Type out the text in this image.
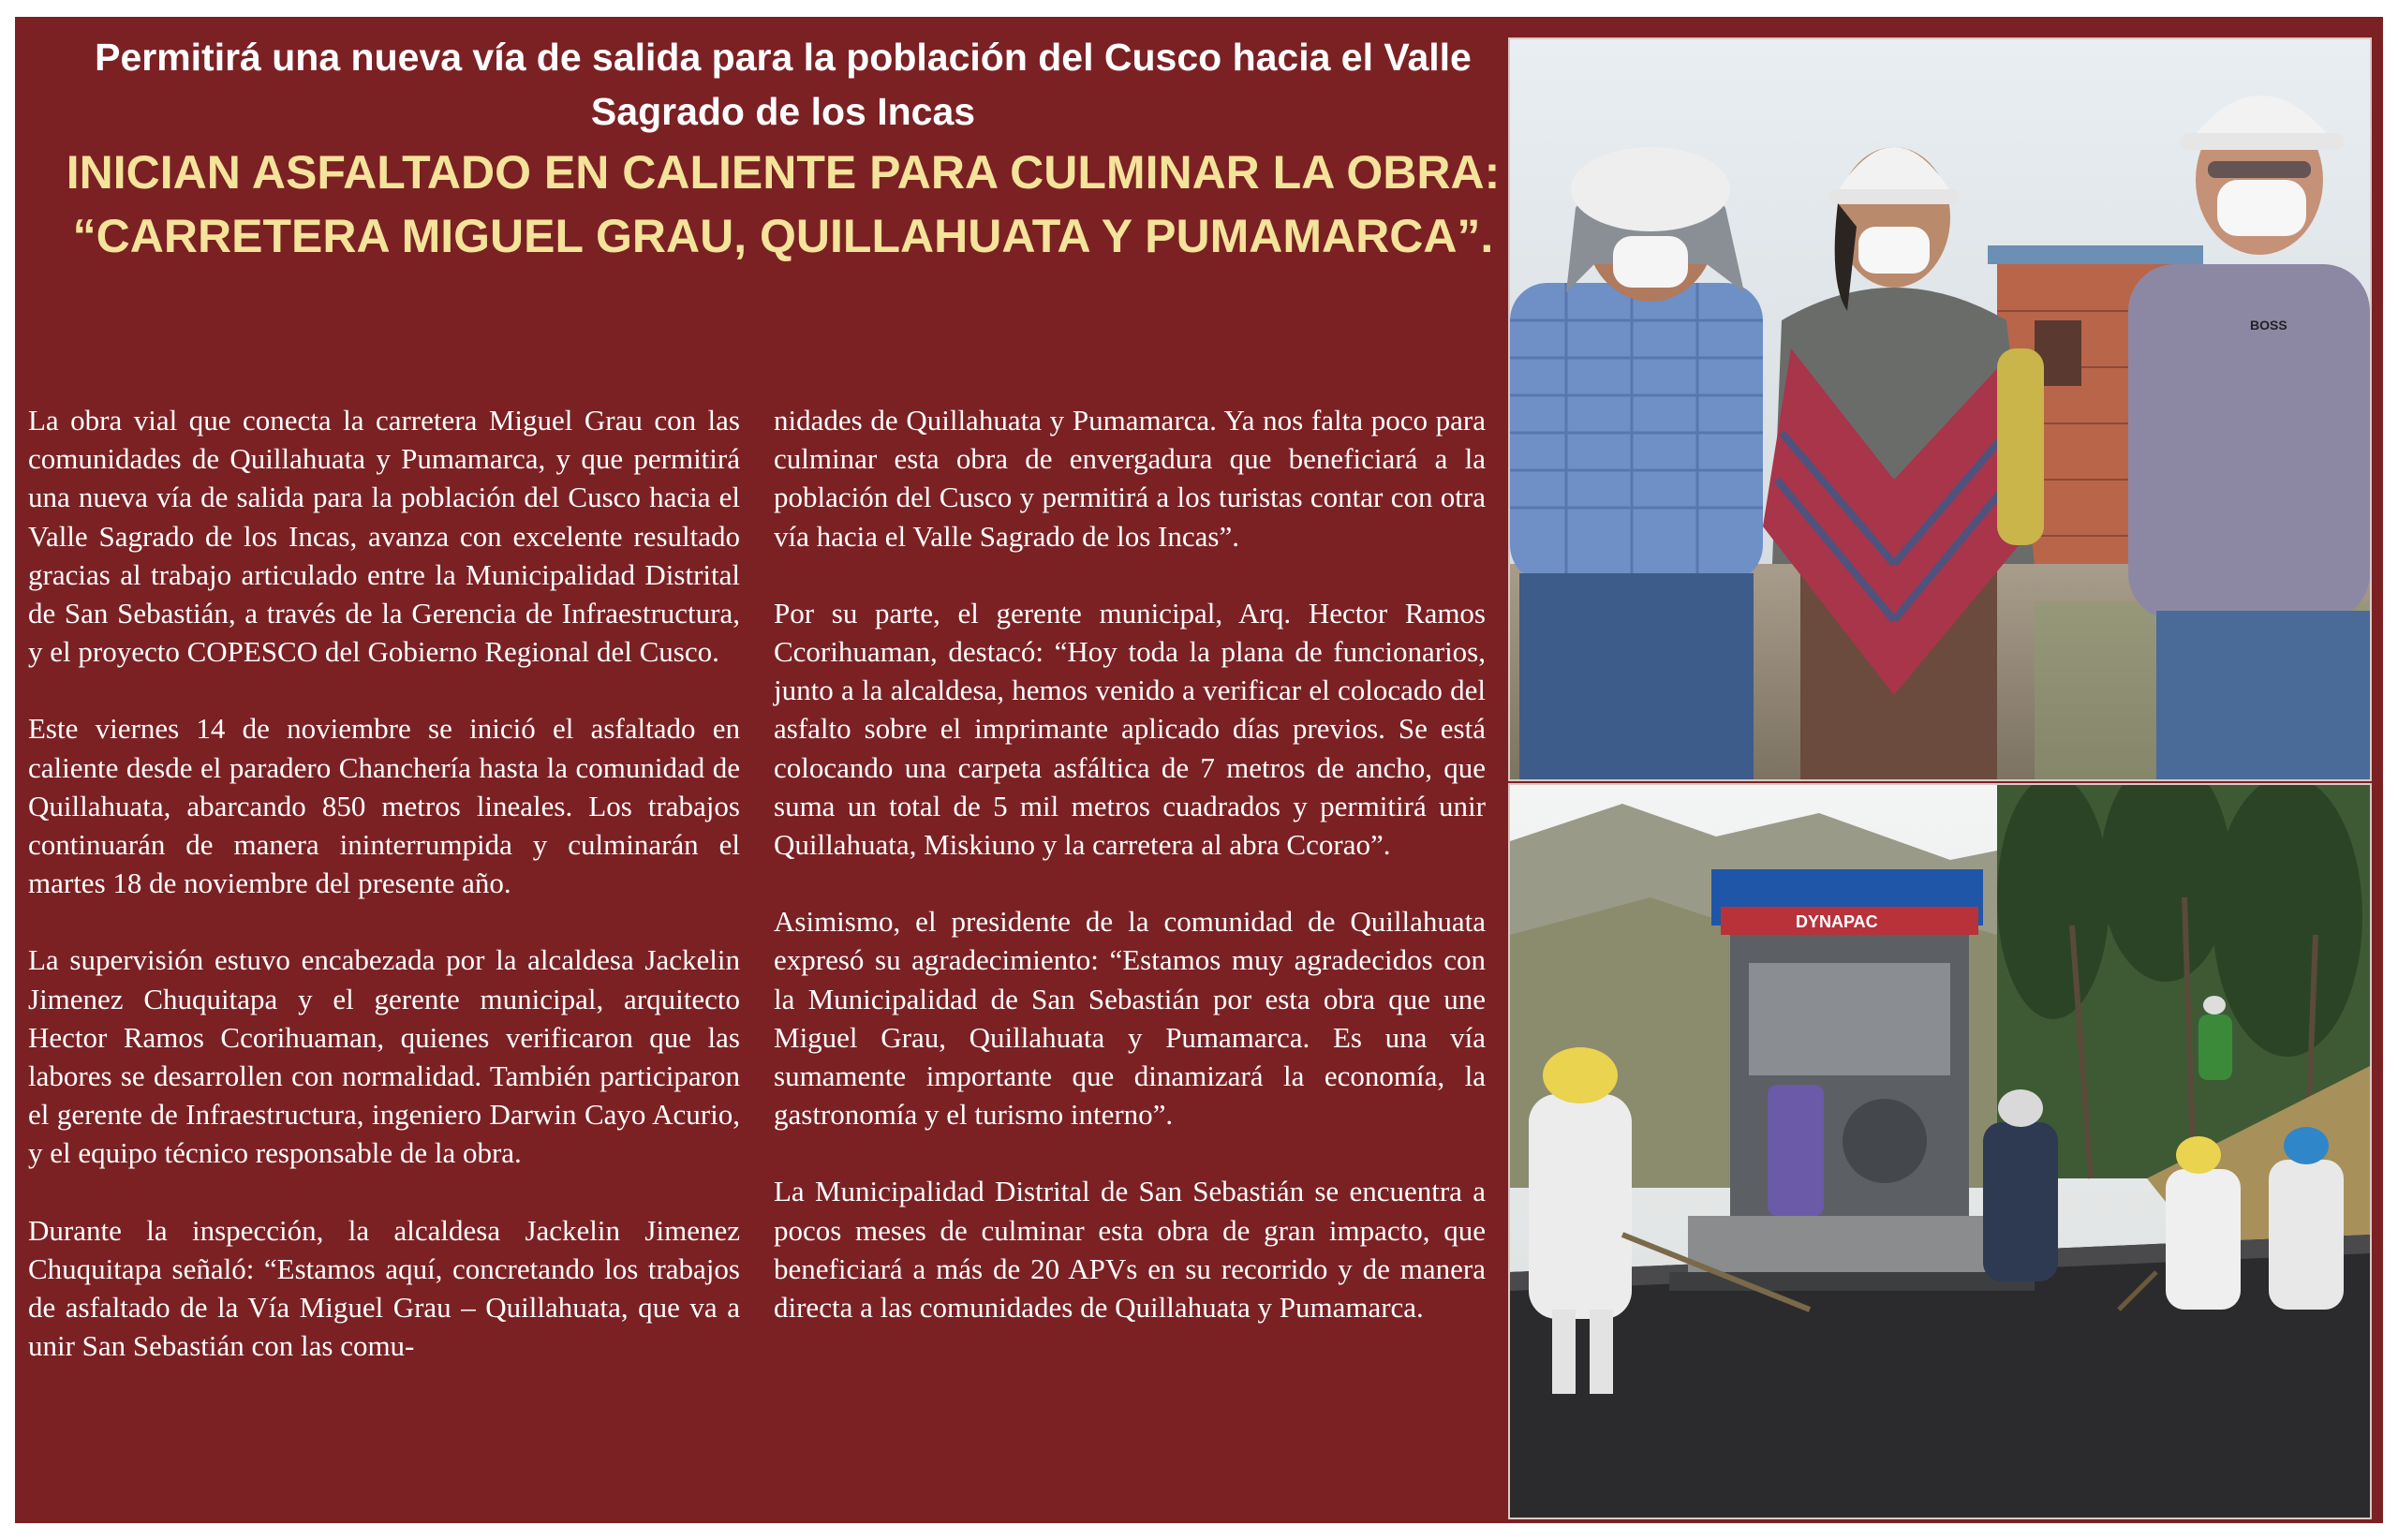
Permitirá una nueva vía de salida para la población del Cusco hacia el Valle Sagrado de los Incas
INICIAN ASFALTADO EN CALIENTE PARA CULMINAR LA OBRA: “CARRETERA MIGUEL GRAU, QUILLAHUATA Y PUMAMARCA”.

La obra vial que conecta la carretera Miguel Grau con las comunidades de Quillahuata y Pumamarca, y que permitirá una nueva vía de salida para la población del Cusco hacia el Valle Sagrado de los Incas, avanza con excelente resultado gracias al trabajo articulado entre la Municipalidad Distrital de San Sebastián, a través de la Gerencia de Infraestructura, y el proyecto COPESCO del Gobierno Regional del Cusco.

Este viernes 14 de noviembre se inició el asfaltado en caliente desde el paradero Chanchería hasta la comunidad de Quillahuata, abarcando 850 metros lineales. Los trabajos continuarán de manera ininterrumpida y culminarán el martes 18 de noviembre del presente año.

La supervisión estuvo encabezada por la alcaldesa Jackelin Jimenez Chuquitapa y el gerente municipal, arquitecto Hector Ramos Ccorihuaman, quienes verificaron que las labores se desarrollen con normalidad. También participaron el gerente de Infraestructura, ingeniero Darwin Cayo Acurio, y el equipo técnico responsable de la obra.

Durante la inspección, la alcaldesa Jackelin Jimenez Chuquitapa señaló: “Estamos aquí, concretando los trabajos de asfaltado de la Vía Miguel Grau – Quillahuata, que va a unir San Sebastián con las comu-

nidades de Quillahuata y Pumamarca. Ya nos falta poco para culminar esta obra de envergadura que beneficiará a la población del Cusco y permitirá a los turistas contar con otra vía hacia el Valle Sagrado de los Incas”.

Por su parte, el gerente municipal, Arq. Hector Ramos Ccorihuaman, destacó: “Hoy toda la plana de funcionarios, junto a la alcaldesa, hemos venido a verificar el colocado del asfalto sobre el imprimante aplicado días previos. Se está colocando una carpeta asfáltica de 7 metros de ancho, que suma un total de 5 mil metros cuadrados y permitirá unir Quillahuata, Miskiuno y la carretera al abra Ccorao”.

Asimismo, el presidente de la comunidad de Quillahuata expresó su agradecimiento: “Estamos muy agradecidos con la Municipalidad de San Sebastián por esta obra que une Miguel Grau, Quillahuata y Pumamarca. Es una vía sumamente importante que dinamizará la economía, la gastronomía y el turismo interno”.

La Municipalidad Distrital de San Sebastián se encuentra a pocos meses de culminar esta obra de gran impacto, que beneficiará a más de 20 APVs en su recorrido y de manera directa a las comunidades de Quillahuata y Pumamarca.

BOSS
DYNAPAC
